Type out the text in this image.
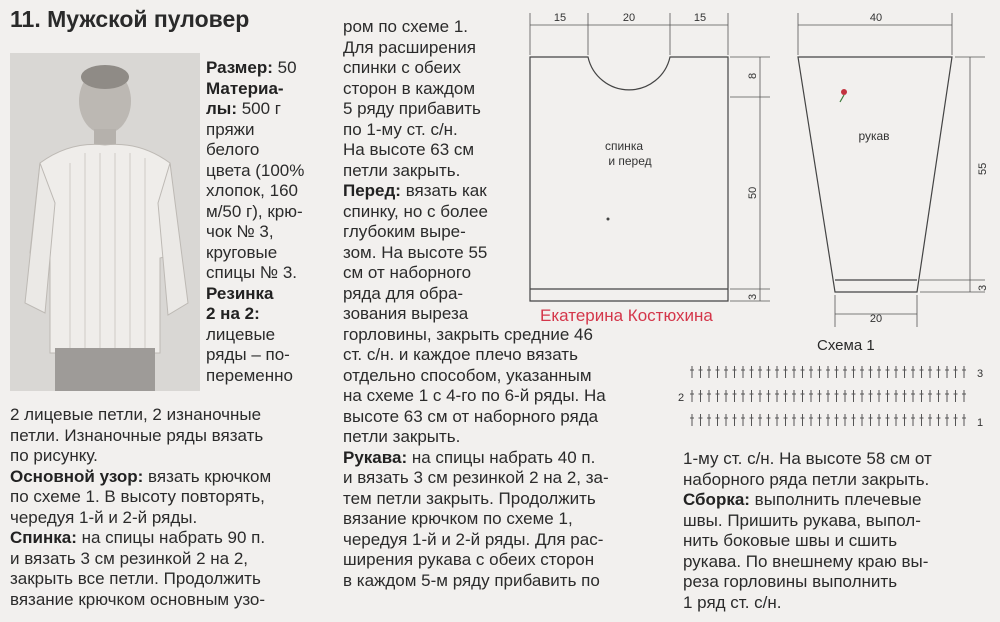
11. Мужской пуловер

Размер: 50

Материа-

лы: 500 г

пряжи

белого

цвета (100%

хлопок, 160

м/50 г), крю-

чок № 3,

круговые

спицы № 3.

Резинка

2 на 2:

лицевые

ряды – по-

переменно

2 лицевые петли, 2 изнаночные

петли. Изнаночные ряды вязать

по рисунку.

Основной узор: вязать крючком

по схеме 1. В высоту повторять,

чередуя 1-й и 2-й ряды.

Спинка: на спицы набрать 90 п.

и вязать 3 см резинкой 2 на 2,

закрыть все петли. Продолжить

вязание крючком основным узо-

ром по схеме 1.

Для расширения

спинки с обеих

сторон в каждом

5 ряду прибавить

по 1-му ст. с/н.

На высоте 63 см

петли закрыть.

Перед: вязать как

спинку, но с более

глубоким выре-

зом. На высоте 55

см от наборного

ряда для обра-

зования выреза

горловины, закрыть средние 46

ст. с/н. и каждое плечо вязать

отдельно способом, указанным

на схеме 1 с 4-го по 6-й ряды. На

высоте 63 см от наборного ряда

петли закрыть.

Рукава: на спицы набрать 40 п.

и вязать 3 см резинкой 2 на 2, за-

тем петли закрыть. Продолжить

вязание крючком по схеме 1,

чередуя 1-й и 2-й ряды. Для рас-

ширения рукава с обеих сторон

в каждом 5-м ряду прибавить по

1-му ст. с/н. На высоте 58 см от

наборного ряда петли закрыть.

Сборка: выполнить плечевые

швы. Пришить рукава, выпол-

нить боковые швы и сшить

рукава. По внешнему краю вы-

реза горловины выполнить

1 ряд ст. с/н.

15	20	15
8
50
3
спинка
и перед
40
55
3
20
рукав
Екатерина Костюхина
Схема 1
3
2
1
